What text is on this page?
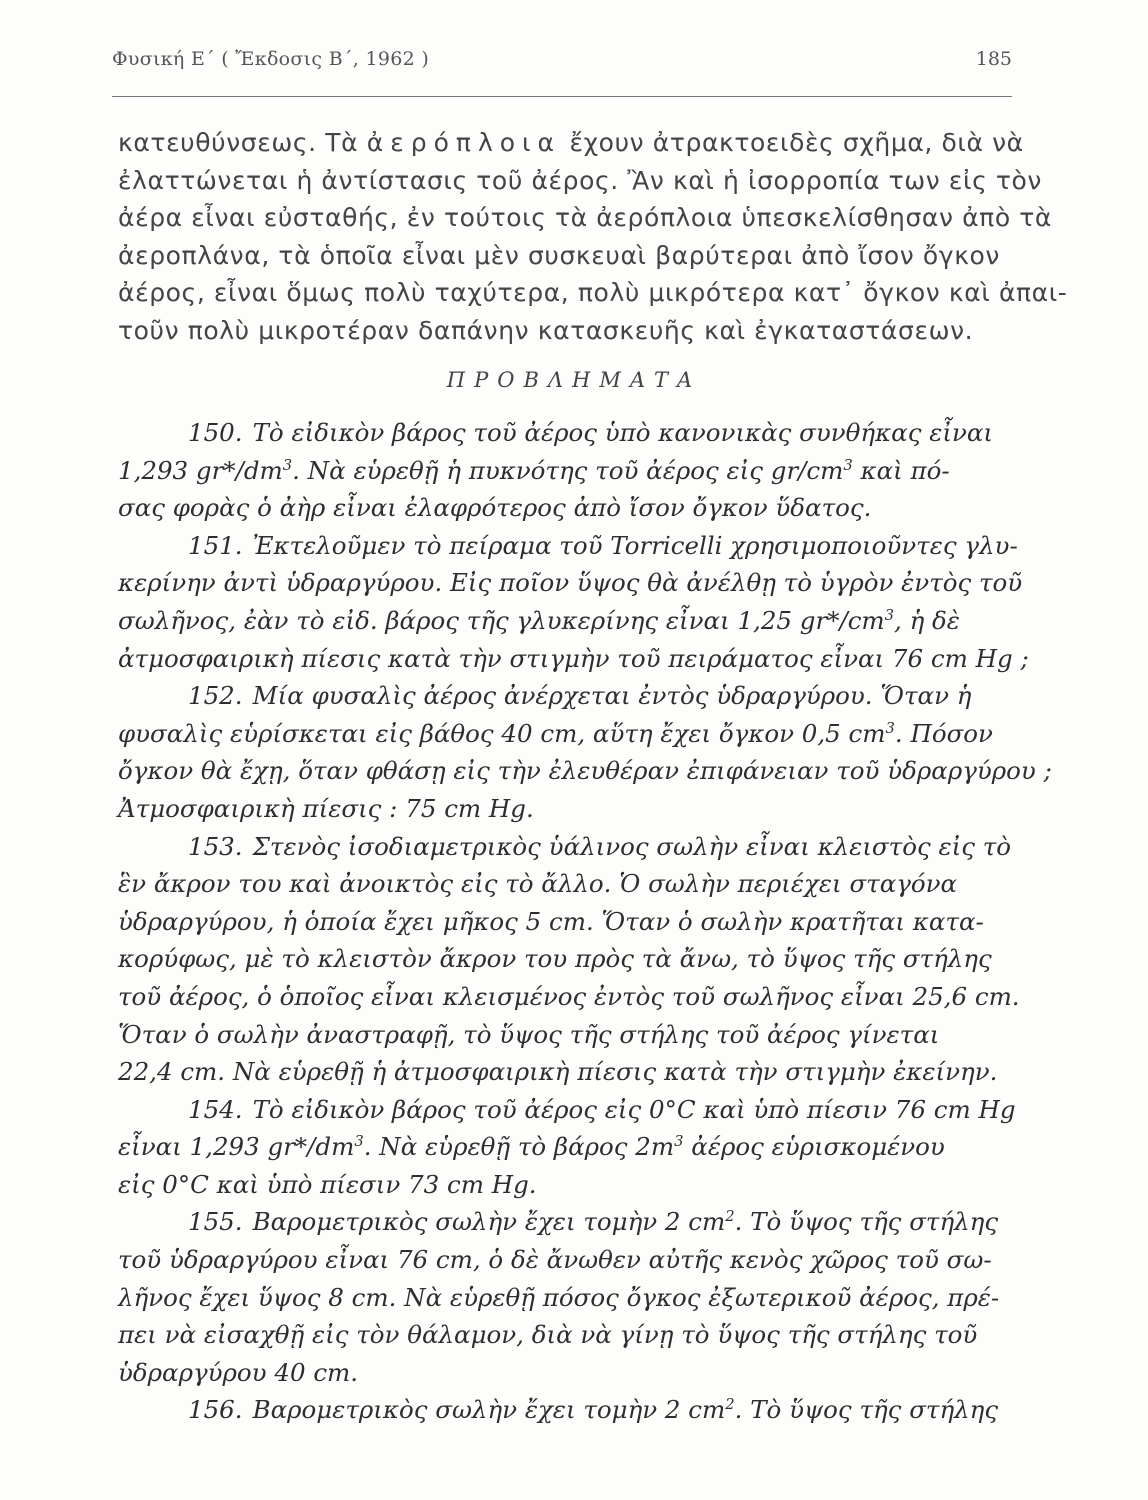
Φυσική Ε΄ ( Ἔκδοσις Β΄, 1962 )	185
κατευθύνσεως. Τὰ ἀερόπλοια ἔχουν ἀτρακτοειδὲς σχῆμα, διὰ νὰ
ἐλαττώνεται ἡ ἀντίστασις τοῦ ἀέρος. Ἂν καὶ ἡ ἰσορροπία των εἰς τὸν
ἀέρα εἶναι εὐσταθής, ἐν τούτοις τὰ ἀερόπλοια ὑπεσκελίσθησαν ἀπὸ τὰ
ἀεροπλάνα, τὰ ὁποῖα εἶναι μὲν συσκευαὶ βαρύτεραι ἀπὸ ἴσον ὄγκον
ἀέρος, εἶναι ὅμως πολὺ ταχύτερα, πολὺ μικρότερα κατ᾽ ὄγκον καὶ ἀπαι-
τοῦν πολὺ μικροτέραν δαπάνην κατασκευῆς καὶ ἐγκαταστάσεων.
ΠΡΟΒΛΗΜΑΤΑ
150. Τὸ εἰδικὸν βάρος τοῦ ἀέρος ὑπὸ κανονικὰς συνθήκας εἶναι
1,293 $gr*/dm^3$. Νὰ εὑρεθῇ ἡ πυκνότης τοῦ ἀέρος εἰς $gr/cm^3$ καὶ πό-
σας φορὰς ὁ ἀὴρ εἶναι ἐλαφρότερος ἀπὸ ἴσον ὄγκον ὕδατος.
151. Ἐκτελοῦμεν τὸ πείραμα τοῦ Torricelli χρησιμοποιοῦντες γλυ-
κερίνην ἀντὶ ὑδραργύρου. Εἰς ποῖον ὕψος θὰ ἀνέλθῃ τὸ ὑγρὸν ἐντὸς τοῦ
σωλῆνος, ἐὰν τὸ εἰδ. βάρος τῆς γλυκερίνης εἶναι 1,25 $gr*/cm^3$, ἡ δὲ
ἀτμοσφαιρικὴ πίεσις κατὰ τὴν στιγμὴν τοῦ πειράματος εἶναι 76 cm Hg ;
152. Μία φυσαλὶς ἀέρος ἀνέρχεται ἐντὸς ὑδραργύρου. Ὅταν ἡ
φυσαλὶς εὑρίσκεται εἰς βάθος 40 cm, αὕτη ἔχει ὄγκον 0,5 $cm^3$. Πόσον
ὄγκον θὰ ἔχῃ, ὅταν φθάσῃ εἰς τὴν ἐλευθέραν ἐπιφάνειαν τοῦ ὑδραργύρου ;
Ἀτμοσφαιρικὴ πίεσις : 75 cm Hg.
153. Στενὸς ἰσοδιαμετρικὸς ὑάλινος σωλὴν εἶναι κλειστὸς εἰς τὸ
ἓν ἄκρον του καὶ ἀνοικτὸς εἰς τὸ ἄλλο. Ὁ σωλὴν περιέχει σταγόνα
ὑδραργύρου, ἡ ὁποία ἔχει μῆκος 5 cm. Ὅταν ὁ σωλὴν κρατῆται κατα-
κορύφως, μὲ τὸ κλειστὸν ἄκρον του πρὸς τὰ ἄνω, τὸ ὕψος τῆς στήλης
τοῦ ἀέρος, ὁ ὁποῖος εἶναι κλεισμένος ἐντὸς τοῦ σωλῆνος εἶναι 25,6 cm.
Ὅταν ὁ σωλὴν ἀναστραφῇ, τὸ ὕψος τῆς στήλης τοῦ ἀέρος γίνεται
22,4 cm. Νὰ εὑρεθῇ ἡ ἀτμοσφαιρικὴ πίεσις κατὰ τὴν στιγμὴν ἐκείνην.
154. Τὸ εἰδικὸν βάρος τοῦ ἀέρος εἰς 0°C καὶ ὑπὸ πίεσιν 76 cm Hg
εἶναι 1,293 $gr*/dm^3$. Νὰ εὑρεθῇ τὸ βάρος $2m^3$ ἀέρος εὑρισκομένου
εἰς 0°C καὶ ὑπὸ πίεσιν 73 cm Hg.
155. Βαρομετρικὸς σωλὴν ἔχει τομὴν 2 $cm^2$. Τὸ ὕψος τῆς στήλης
τοῦ ὑδραργύρου εἶναι 76 cm, ὁ δὲ ἄνωθεν αὐτῆς κενὸς χῶρος τοῦ σω-
λῆνος ἔχει ὕψος 8 cm. Νὰ εὑρεθῇ πόσος ὄγκος ἐξωτερικοῦ ἀέρος, πρέ-
πει νὰ εἰσαχθῇ εἰς τὸν θάλαμον, διὰ νὰ γίνῃ τὸ ὕψος τῆς στήλης τοῦ
ὑδραργύρου 40 cm.
156. Βαρομετρικὸς σωλὴν ἔχει τομὴν 2 $cm^2$. Τὸ ὕψος τῆς στήλης
